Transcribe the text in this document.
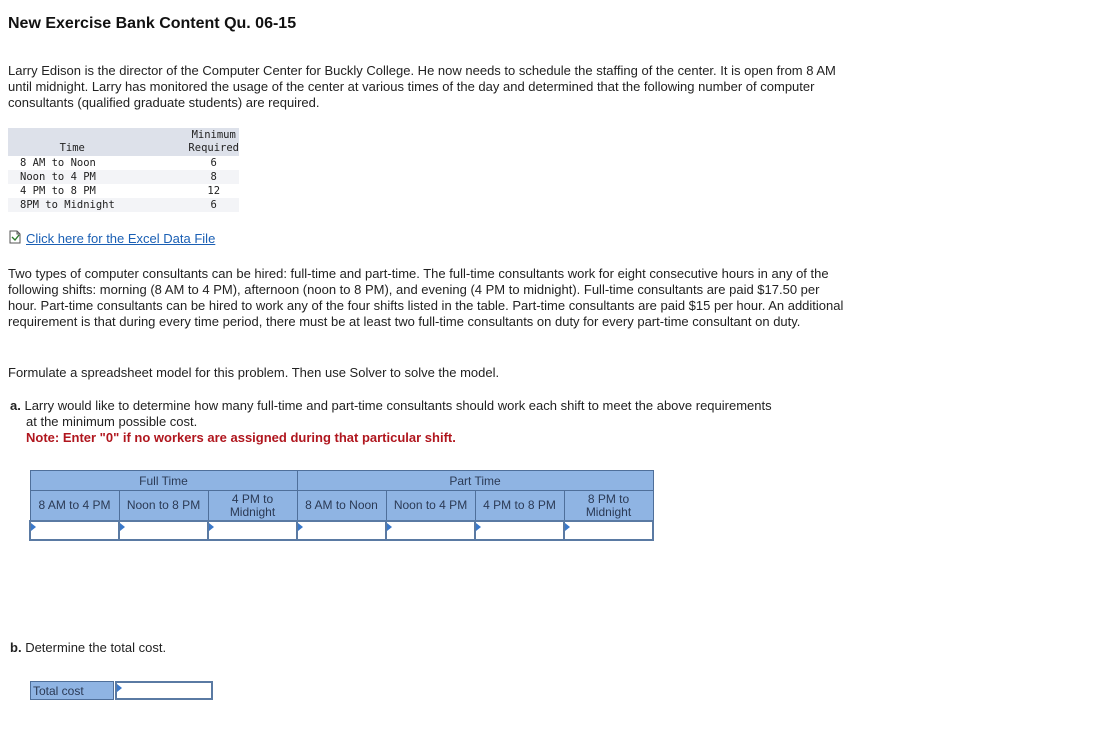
New Exercise Bank Content Qu. 06-15

Larry Edison is the director of the Computer Center for Buckly College. He now needs to schedule the staffing of the center. It is open from 8 AM until midnight. Larry has monitored the usage of the center at various times of the day and determined that the following number of computer consultants (qualified graduate students) are required.

Time	Minimum
Required
8 AM to Noon	6
Noon to 4 PM	8
4 PM to 8 PM	12
8PM to Midnight	6
Click here for the Excel Data File

Two types of computer consultants can be hired: full-time and part-time. The full-time consultants work for eight consecutive hours in any of the following shifts: morning (8 AM to 4 PM), afternoon (noon to 8 PM), and evening (4 PM to midnight). Full-time consultants are paid $17.50 per hour. Part-time consultants can be hired to work any of the four shifts listed in the table. Part-time consultants are paid $15 per hour. An additional requirement is that during every time period, there must be at least two full-time consultants on duty for every part-time consultant on duty.

Formulate a spreadsheet model for this problem. Then use Solver to solve the model.

a. Larry would like to determine how many full-time and part-time consultants should work each shift to meet the above requirements
at the minimum possible cost.
Note: Enter "0" if no workers are assigned during that particular shift.
Full Time			Part Time			
8 AM to 4 PM	Noon to 8 PM	4 PM to Midnight	8 AM to Noon	Noon to 4 PM	4 PM to 8 PM	8 PM to Midnight

b. Determine the total cost.
Total cost
